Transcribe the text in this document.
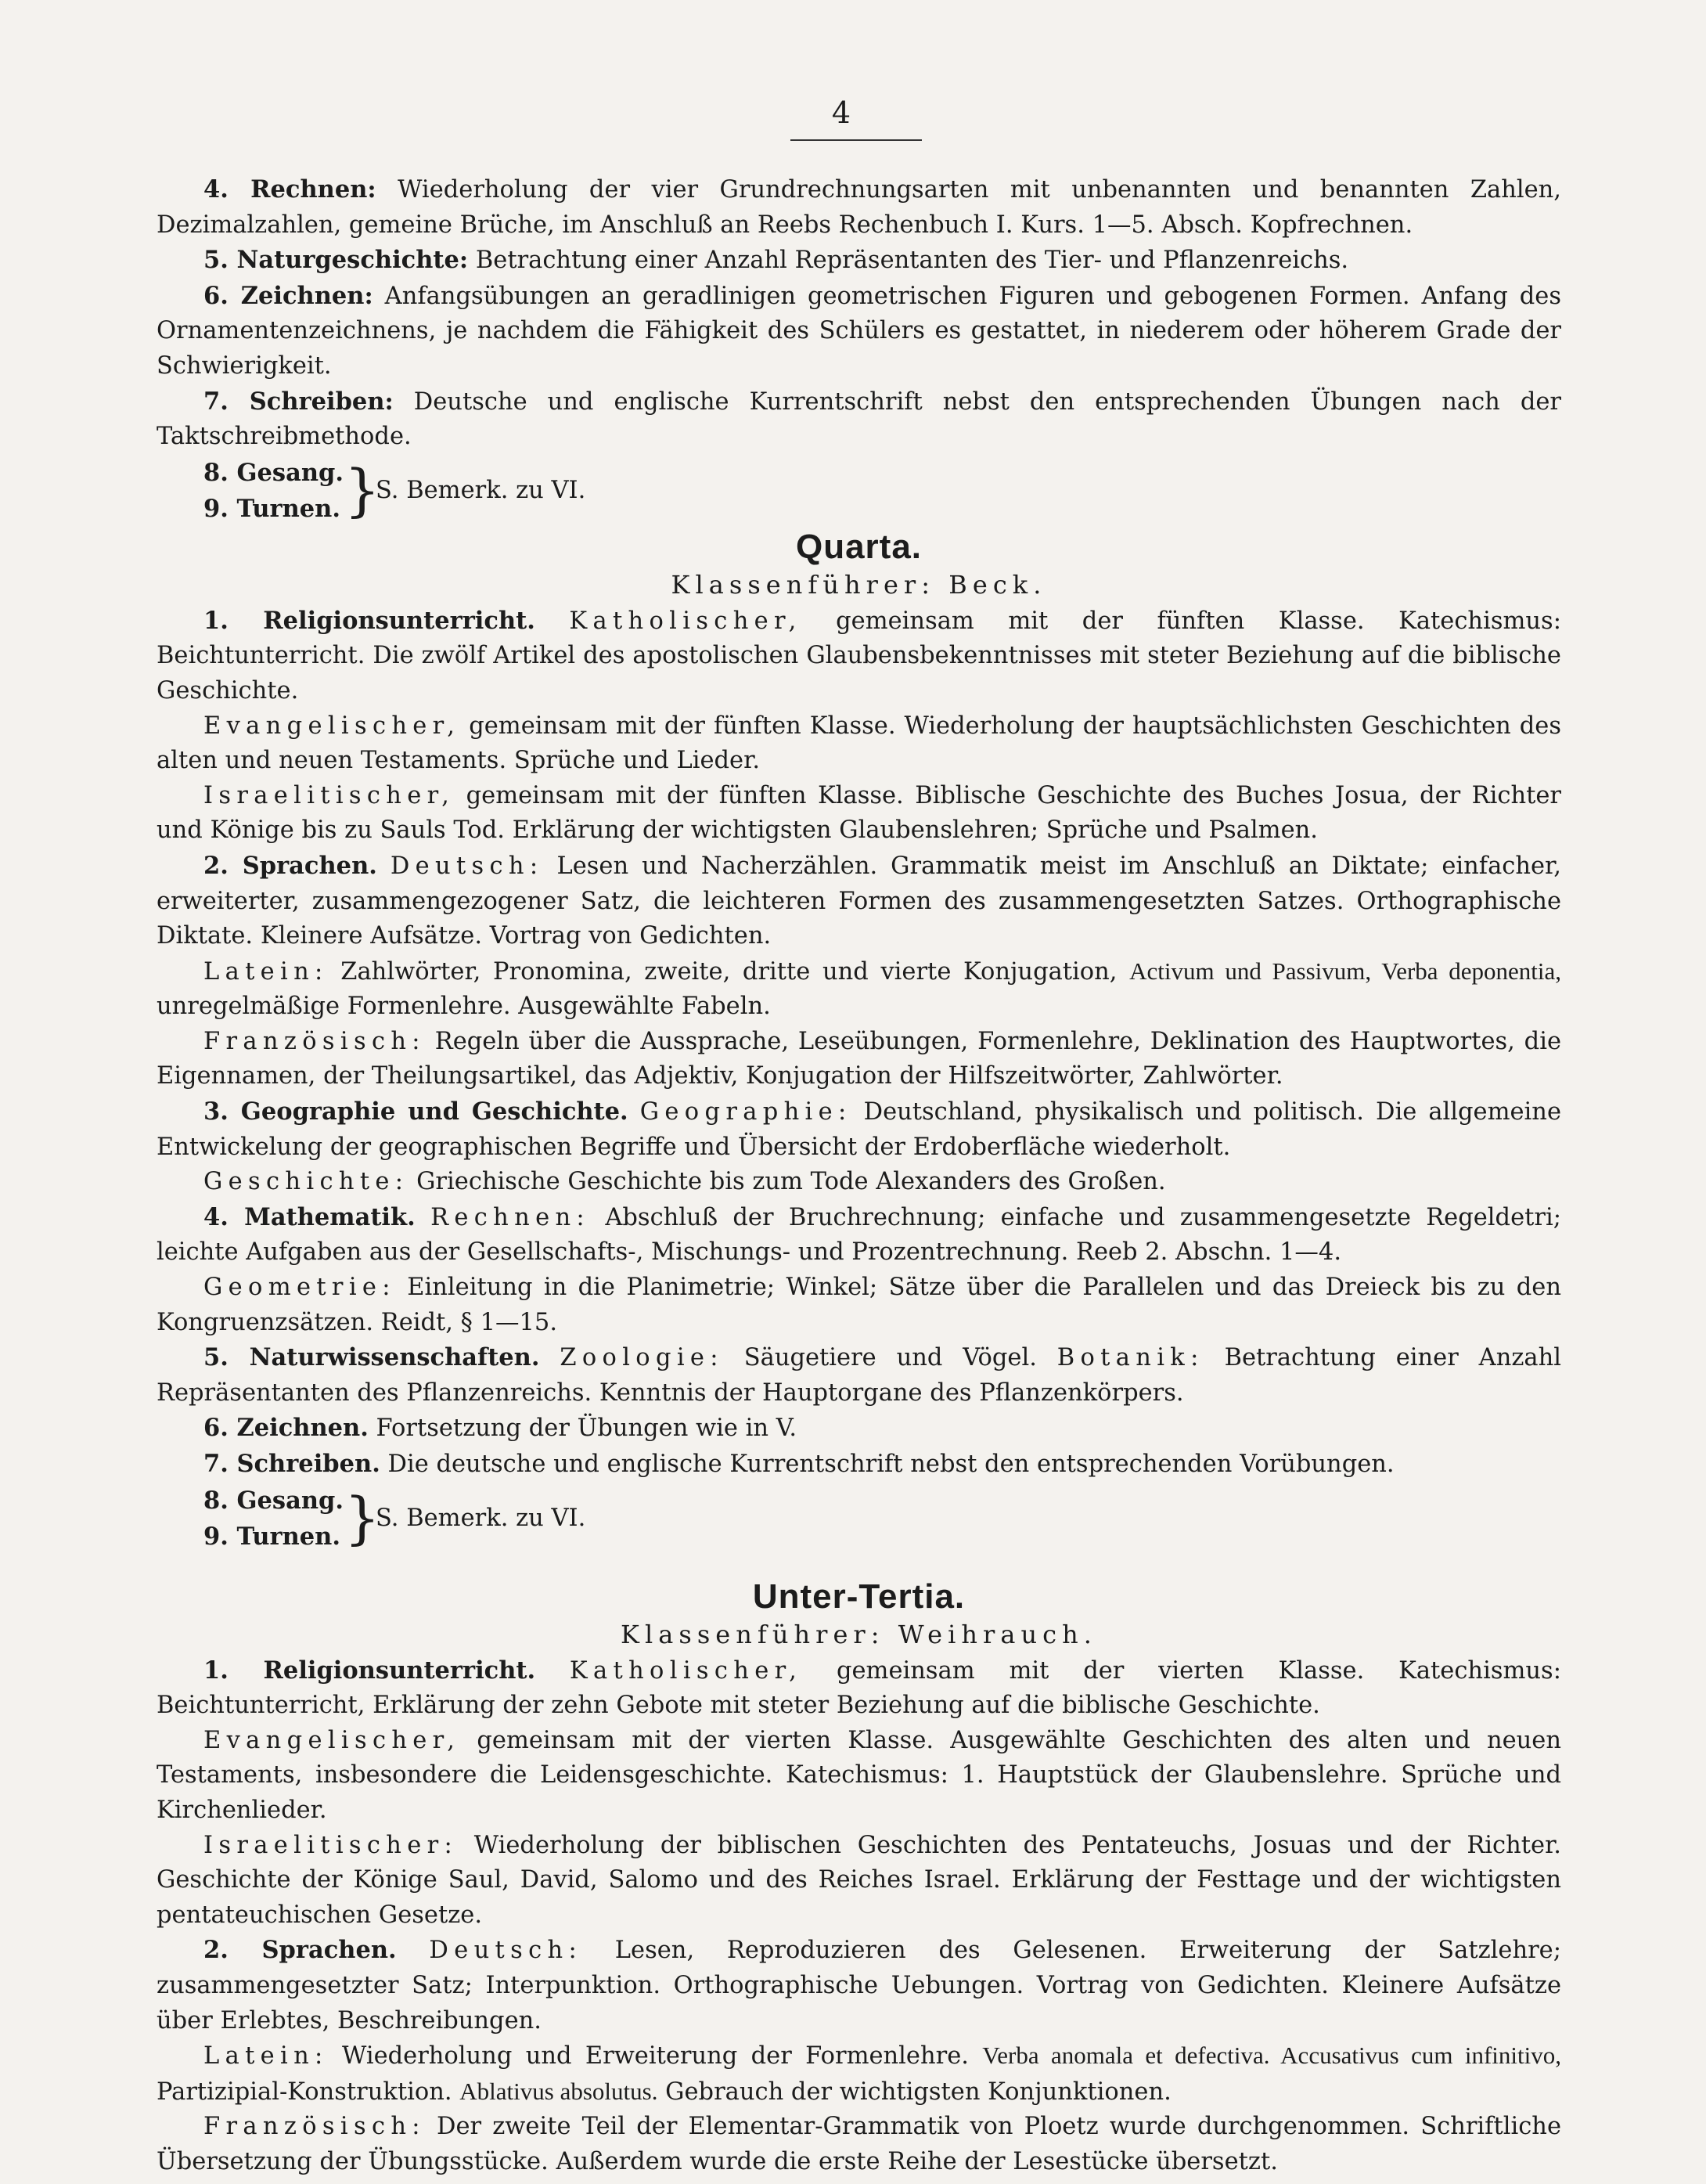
4

4. Rechnen: Wiederholung der vier Grundrechnungsarten mit unbenannten und benannten Zahlen, Dezimalzahlen, gemeine Brüche, im Anschluß an Reebs Rechenbuch I. Kurs. 1—5. Absch. Kopfrechnen.

5. Naturgeschichte: Betrachtung einer Anzahl Repräsentanten des Tier- und Pflanzenreichs.

6. Zeichnen: Anfangsübungen an geradlinigen geometrischen Figuren und gebogenen Formen. Anfang des Ornamentenzeichnens, je nachdem die Fähigkeit des Schülers es gestattet, in niederem oder höherem Grade der Schwierigkeit.

7. Schreiben: Deutsche und englische Kurrentschrift nebst den entsprechenden Übungen nach der Taktschreibmethode.

8. Gesang.
9. Turnen. }
S. Bemerk. zu VI.
Quarta.
Klassenführer: Beck.

1. Religionsunterricht. Katholischer, gemeinsam mit der fünften Klasse. Katechismus: Beichtunterricht. Die zwölf Artikel des apostolischen Glaubensbekenntnisses mit steter Beziehung auf die biblische Geschichte.

Evangelischer, gemeinsam mit der fünften Klasse. Wiederholung der hauptsächlichsten Geschichten des alten und neuen Testaments. Sprüche und Lieder.

Israelitischer, gemeinsam mit der fünften Klasse. Biblische Geschichte des Buches Josua, der Richter und Könige bis zu Sauls Tod. Erklärung der wichtigsten Glaubenslehren; Sprüche und Psalmen.

2. Sprachen. Deutsch: Lesen und Nacherzählen. Grammatik meist im Anschluß an Diktate; einfacher, erweiterter, zusammengezogener Satz, die leichteren Formen des zusammengesetzten Satzes. Orthographische Diktate. Kleinere Aufsätze. Vortrag von Gedichten.

Latein: Zahlwörter, Pronomina, zweite, dritte und vierte Konjugation, Activum und Passivum, Verba deponentia, unregelmäßige Formenlehre. Ausgewählte Fabeln.

Französisch: Regeln über die Aussprache, Leseübungen, Formenlehre, Deklination des Hauptwortes, die Eigennamen, der Theilungsartikel, das Adjektiv, Konjugation der Hilfszeitwörter, Zahlwörter.

3. Geographie und Geschichte. Geographie: Deutschland, physikalisch und politisch. Die allgemeine Entwickelung der geographischen Begriffe und Übersicht der Erdoberfläche wiederholt.

Geschichte: Griechische Geschichte bis zum Tode Alexanders des Großen.

4. Mathematik. Rechnen: Abschluß der Bruchrechnung; einfache und zusammengesetzte Regeldetri; leichte Aufgaben aus der Gesellschafts-, Mischungs- und Prozentrechnung. Reeb 2. Abschn. 1—4.

Geometrie: Einleitung in die Planimetrie; Winkel; Sätze über die Parallelen und das Dreieck bis zu den Kongruenzsätzen. Reidt, § 1—15.

5. Naturwissenschaften. Zoologie: Säugetiere und Vögel. Botanik: Betrachtung einer Anzahl Repräsentanten des Pflanzenreichs. Kenntnis der Hauptorgane des Pflanzenkörpers.

6. Zeichnen. Fortsetzung der Übungen wie in V.

7. Schreiben. Die deutsche und englische Kurrentschrift nebst den entsprechenden Vorübungen.

8. Gesang.
9. Turnen. }
S. Bemerk. zu VI.
Unter-Tertia.
Klassenführer: Weihrauch.

1. Religionsunterricht. Katholischer, gemeinsam mit der vierten Klasse. Katechismus: Beichtunterricht, Erklärung der zehn Gebote mit steter Beziehung auf die biblische Geschichte.

Evangelischer, gemeinsam mit der vierten Klasse. Ausgewählte Geschichten des alten und neuen Testaments, insbesondere die Leidensgeschichte. Katechismus: 1. Hauptstück der Glaubenslehre. Sprüche und Kirchenlieder.

Israelitischer: Wiederholung der biblischen Geschichten des Pentateuchs, Josuas und der Richter. Geschichte der Könige Saul, David, Salomo und des Reiches Israel. Erklärung der Festtage und der wichtigsten pentateuchischen Gesetze.

2. Sprachen. Deutsch: Lesen, Reproduzieren des Gelesenen. Erweiterung der Satzlehre; zusammengesetzter Satz; Interpunktion. Orthographische Uebungen. Vortrag von Gedichten. Kleinere Aufsätze über Erlebtes, Beschreibungen.

Latein: Wiederholung und Erweiterung der Formenlehre. Verba anomala et defectiva. Accusativus cum infinitivo, Partizipial-Konstruktion. Ablativus absolutus. Gebrauch der wichtigsten Konjunktionen.

Französisch: Der zweite Teil der Elementar-Grammatik von Ploetz wurde durchgenommen. Schriftliche Übersetzung der Übungsstücke. Außerdem wurde die erste Reihe der Lesestücke übersetzt.
